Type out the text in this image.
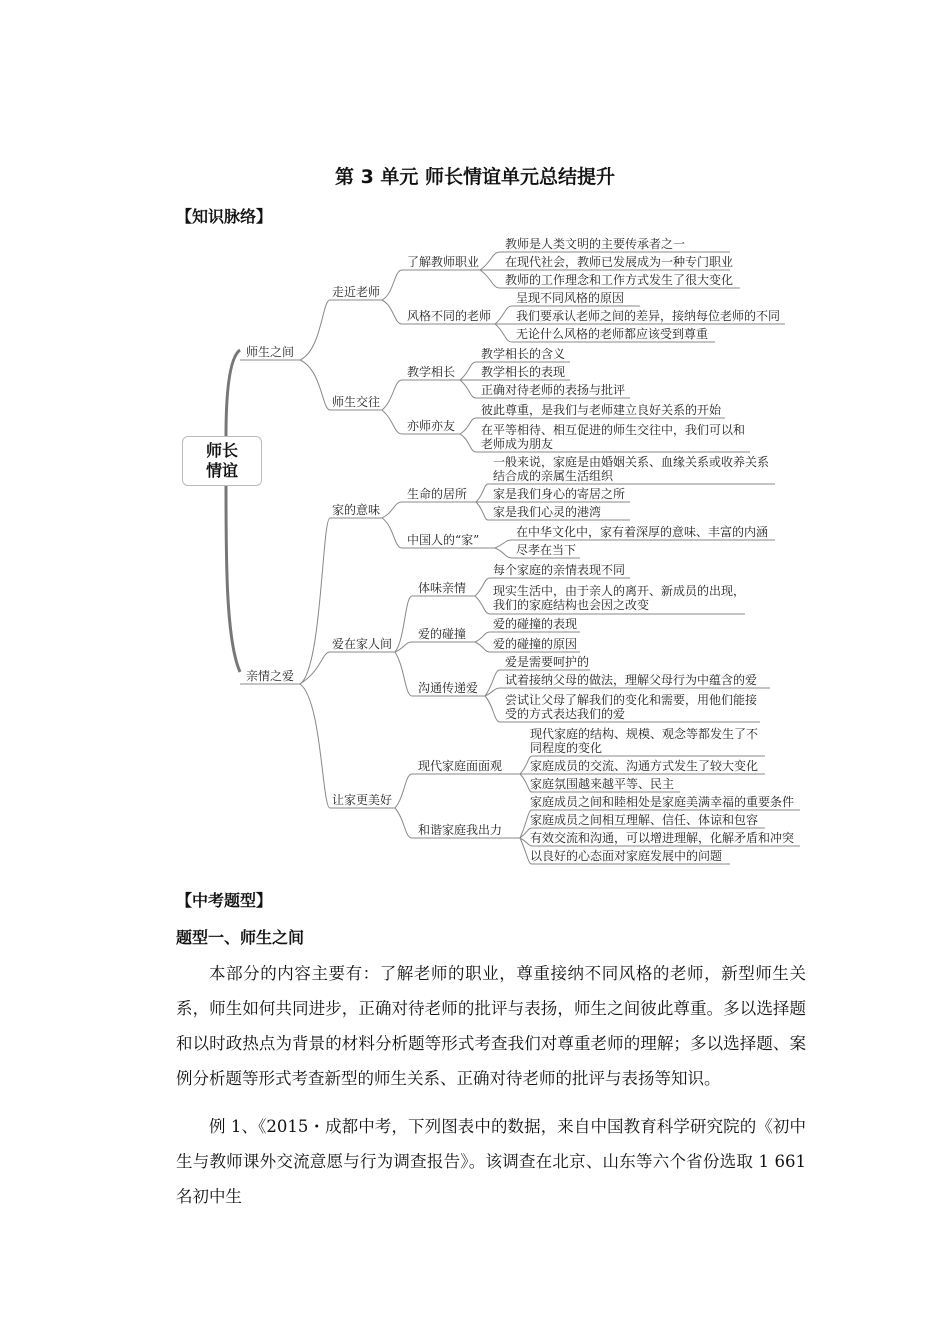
第 3 单元 师长情谊单元总结提升
【知识脉络】
师长
情谊
师生之间
亲情之爱
走近老师
了解教师职业
教师是人类文明的主要传承者之一
在现代社会，教师已发展成为一种专门职业
教师的工作理念和工作方式发生了很大变化
风格不同的老师
呈现不同风格的原因
我们要承认老师之间的差异，接纳每位老师的不同
无论什么风格的老师都应该受到尊重
师生交往
教学相长
教学相长的含义
教学相长的表现
正确对待老师的表扬与批评
亦师亦友
彼此尊重，是我们与老师建立良好关系的开始
在平等相待、相互促进的师生交往中，我们可以和
老师成为朋友
家的意味
生命的居所
一般来说，家庭是由婚姻关系、血缘关系或收养关系
结合成的亲属生活组织
家是我们身心的寄居之所
家是我们心灵的港湾
中国人的“家”
在中华文化中，家有着深厚的意味、丰富的内涵
尽孝在当下
爱在家人间
体味亲情
每个家庭的亲情表现不同
现实生活中，由于亲人的离开、新成员的出现，
我们的家庭结构也会因之改变
爱的碰撞
爱的碰撞的表现
爱的碰撞的原因
沟通传递爱
爱是需要呵护的
试着接纳父母的做法，理解父母行为中蕴含的爱
尝试让父母了解我们的变化和需要，用他们能接
受的方式表达我们的爱
让家更美好
现代家庭面面观
现代家庭的结构、规模、观念等都发生了不
同程度的变化
家庭成员的交流、沟通方式发生了较大变化
家庭氛围越来越平等、民主
和谐家庭我出力
家庭成员之间和睦相处是家庭美满幸福的重要条件
家庭成员之间相互理解、信任、体谅和包容
有效交流和沟通，可以增进理解，化解矛盾和冲突
以良好的心态面对家庭发展中的问题
【中考题型】
题型一、师生之间
本部分的内容主要有：了解老师的职业，尊重接纳不同风格的老师，新型师生关系，师生如何共同进步，正确对待老师的批评与表扬，师生之间彼此尊重。多以选择题和以时政热点为背景的材料分析题等形式考查我们对尊重老师的理解；多以选择题、案例分析题等形式考查新型的师生关系、正确对待老师的批评与表扬等知识。
例 1、《2015・成都中考，下列图表中的数据，来自中国教育科学研究院的《初中生与教师课外交流意愿与行为调查报告》。该调查在北京、山东等六个省份选取 1 661 名初中生
